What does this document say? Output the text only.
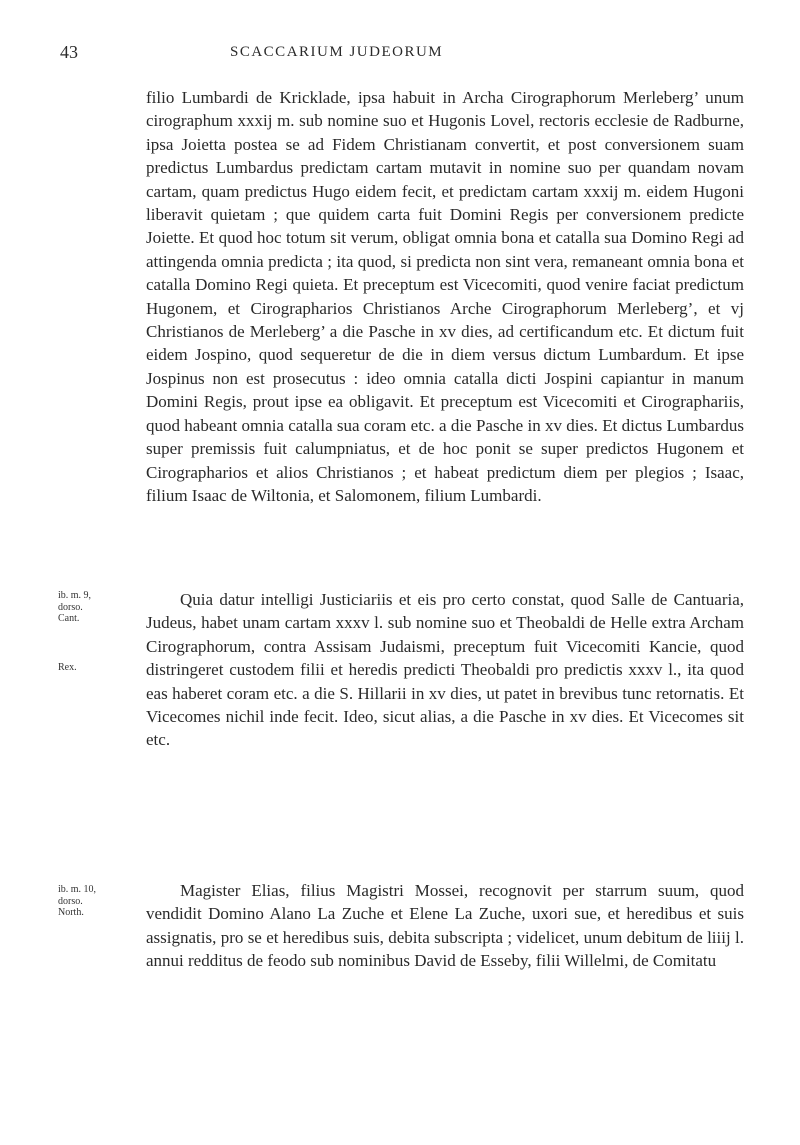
43	SCACCARIUM JUDEORUM

filio Lumbardi de Kricklade, ipsa habuit in Archa Cirographorum Merleberg’ unum cirographum xxxij m. sub nomine suo et Hugonis Lovel, rectoris ecclesie de Radburne, ipsa Joietta postea se ad Fidem Christianam convertit, et post conversionem suam predictus Lumbardus predictam cartam mutavit in nomine suo per quandam novam cartam, quam predictus Hugo eidem fecit, et predictam cartam xxxij m. eidem Hugoni liberavit quietam ; que quidem carta fuit Domini Regis per conversionem predicte Joiette. Et quod hoc totum sit verum, obligat omnia bona et catalla sua Domino Regi ad attingenda omnia predicta ; ita quod, si predicta non sint vera, remaneant omnia bona et catalla Domino Regi quieta. Et preceptum est Vicecomiti, quod venire faciat predictum Hugonem, et Cirographarios Christianos Arche Cirographorum Merleberg’, et vj Christianos de Merleberg’ a die Pasche in xv dies, ad certificandum etc. Et dictum fuit eidem Jospino, quod sequeretur de die in diem versus dictum Lumbardum. Et ipse Jospinus non est prosecutus : ideo omnia catalla dicti Jospini capiantur in manum Domini Regis, prout ipse ea obligavit. Et preceptum est Vicecomiti et Cirographariis, quod habeant omnia catalla sua coram etc. a die Pasche in xv dies. Et dictus Lumbardus super premissis fuit calumpniatus, et de hoc ponit se super predictos Hugonem et Cirographarios et alios Christianos ; et habeat predictum diem per plegios ; Isaac, filium Isaac de Wiltonia, et Salomonem, filium Lumbardi.

ib. m. 9,
dorso.
Cant.
Rex.

Quia datur intelligi Justiciariis et eis pro certo constat, quod Salle de Cantuaria, Judeus, habet unam cartam xxxv l. sub nomine suo et Theobaldi de Helle extra Archam Cirographorum, contra Assisam Judaismi, preceptum fuit Vicecomiti Kancie, quod distringeret custodem filii et heredis predicti Theobaldi pro predictis xxxv l., ita quod eas haberet coram etc. a die S. Hillarii in xv dies, ut patet in brevibus tunc retornatis. Et Vicecomes nichil inde fecit. Ideo, sicut alias, a die Pasche in xv dies. Et Vicecomes sit etc.

ib. m. 10,
dorso.
North.

Magister Elias, filius Magistri Mossei, recognovit per starrum suum, quod vendidit Domino Alano La Zuche et Elene La Zuche, uxori sue, et heredibus et suis assignatis, pro se et heredibus suis, debita subscripta ; videlicet, unum debitum de liiij l. annui redditus de feodo sub nominibus David de Esseby, filii Willelmi, de Comitatu
